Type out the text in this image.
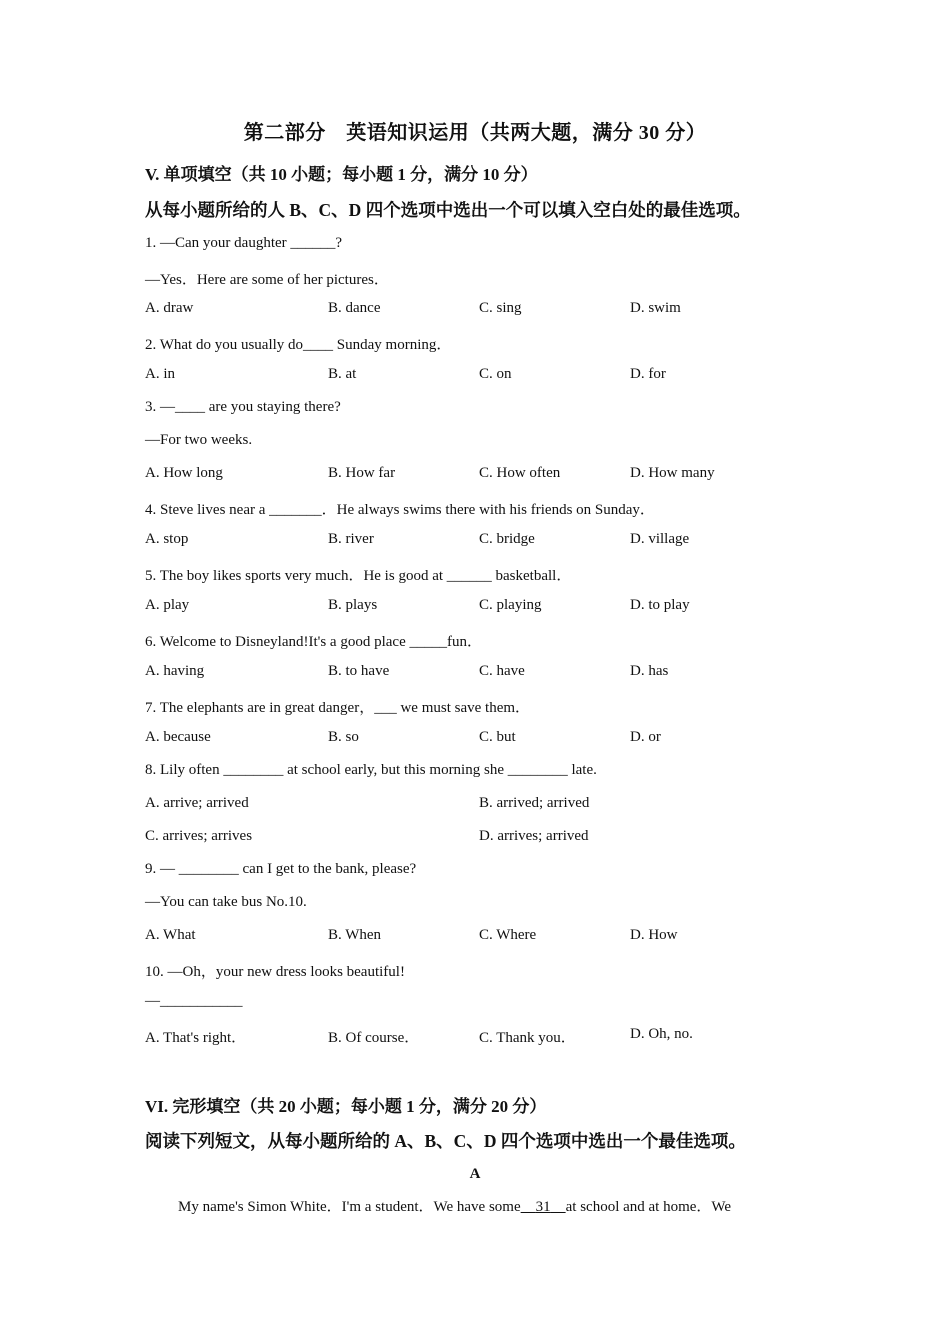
第二部分　英语知识运用（共两大题，满分 30 分）
V. 单项填空（共 10 小题；每小题 1 分，满分 10 分）
从每小题所给的人 B、C、D 四个选项中选出一个可以填入空白处的最佳选项。
1. —Can your daughter ______?
—Yes．Here are some of her pictures．
A. draw	B. dance	C. sing	D. swim
2. What do you usually do____ Sunday morning．
A. in	B. at	C. on	D. for
3. —____ are you staying there?
—For two weeks.
A. How long	B. How far	C. How often	D. How many
4. Steve lives near a _______．He always swims there with his friends on Sunday．
A. stop	B. river	C. bridge	D. village
5. The boy likes sports very much．He is good at ______ basketball．
A. play	B. plays	C. playing	D. to play
6. Welcome to Disneyland!It's a good place _____fun．
A. having	B. to have	C. have	D. has
7. The elephants are in great danger，___ we must save them．
A. because	B. so	C. but	D. or
8. Lily often ________ at school early, but this morning she ________ late.
A. arrive; arrived	B. arrived; arrived
C. arrives; arrives	D. arrives; arrived
9. — ________ can I get to the bank, please?
—You can take bus No.10.
A. What	B. When	C. Where	D. How
10. —Oh，your new dress looks beautiful!
—___________
A. That's right．	B. Of course．	C. Thank you．	D. Oh, no.
VI. 完形填空（共 20 小题；每小题 1 分，满分 20 分）
阅读下列短文，从每小题所给的 A、B、C、D 四个选项中选出一个最佳选项。
A
My name's Simon White．I'm a student．We have some 31 at school and at home．We
